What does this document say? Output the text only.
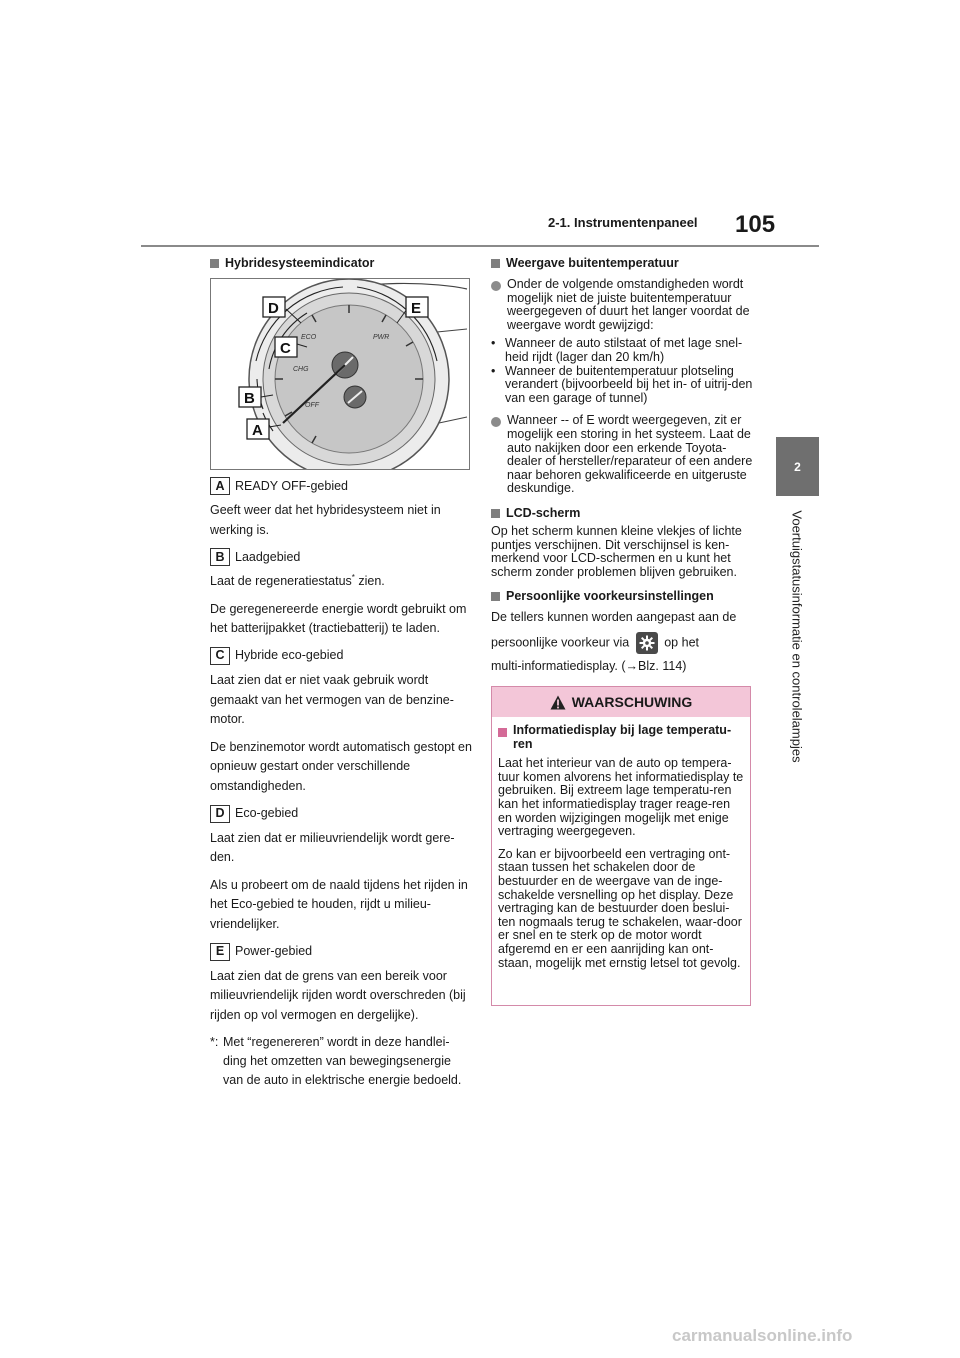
2-1. Instrumentenpaneel 105
2
Voertuigstatusinformatie en controlelampjes
Hybridesysteemindicator
ECO	PWR
CHG
OFF
D	E
C
B
A
A READY OFF-gebied

Geeft weer dat het hybridesysteem niet in werking is.

B Laadgebied

Laat de regeneratiestatus* zien.

De geregenereerde energie wordt gebruikt om het batterijpakket (tractiebatterij) te laden.

C Hybride eco-gebied

Laat zien dat er niet vaak gebruik wordt gemaakt van het vermogen van de benzine-motor.

De benzinemotor wordt automatisch gestopt en opnieuw gestart onder verschillende omstandigheden.

D Eco-gebied

Laat zien dat er milieuvriendelijk wordt gere-den.

Als u probeert om de naald tijdens het rijden in het Eco-gebied te houden, rijdt u milieu-vriendelijker.

E Power-gebied

Laat zien dat de grens van een bereik voor milieuvriendelijk rijden wordt overschreden (bij rijden op vol vermogen en dergelijke).

*: Met “regenereren” wordt in deze handlei-ding het omzetten van bewegingsenergie van de auto in elektrische energie bedoeld.
Weergave buitentemperatuur
Onder de volgende omstandigheden wordt mogelijk niet de juiste buitentemperatuur weergegeven of duurt het langer voordat de weergave wordt gewijzigd:
• Wanneer de auto stilstaat of met lage snel-heid rijdt (lager dan 20 km/h)
• Wanneer de buitentemperatuur plotseling verandert (bijvoorbeeld bij het in- of uitrij-den van een garage of tunnel)
Wanneer -- of E wordt weergegeven, zit er mogelijk een storing in het systeem. Laat de auto nakijken door een erkende Toyota-dealer of hersteller/reparateur of een andere naar behoren gekwalificeerde en uitgeruste deskundige.
LCD-scherm

Op het scherm kunnen kleine vlekjes of lichte puntjes verschijnen. Dit verschijnsel is ken-merkend voor LCD-schermen en u kunt het scherm zonder problemen blijven gebruiken.

Persoonlijke voorkeursinstellingen

De tellers kunnen worden aangepast aan de

persoonlijke voorkeur via	op het

multi-informatiedisplay. (→Blz. 114)

WAARSCHUWING
Informatiedisplay bij lage temperatu-ren

Laat het interieur van de auto op tempera-tuur komen alvorens het informatiedisplay te gebruiken. Bij extreem lage temperatu-ren kan het informatiedisplay trager reage-ren en worden wijzigingen mogelijk met enige vertraging weergegeven.

Zo kan er bijvoorbeeld een vertraging ont-staan tussen het schakelen door de bestuurder en de weergave van de inge-schakelde versnelling op het display. Deze vertraging kan de bestuurder doen beslui-ten nogmaals terug te schakelen, waar-door er snel en te sterk op de motor wordt afgeremd en er een aanrijding kan ont-staan, mogelijk met ernstig letsel tot gevolg.

carmanualsonline.info
